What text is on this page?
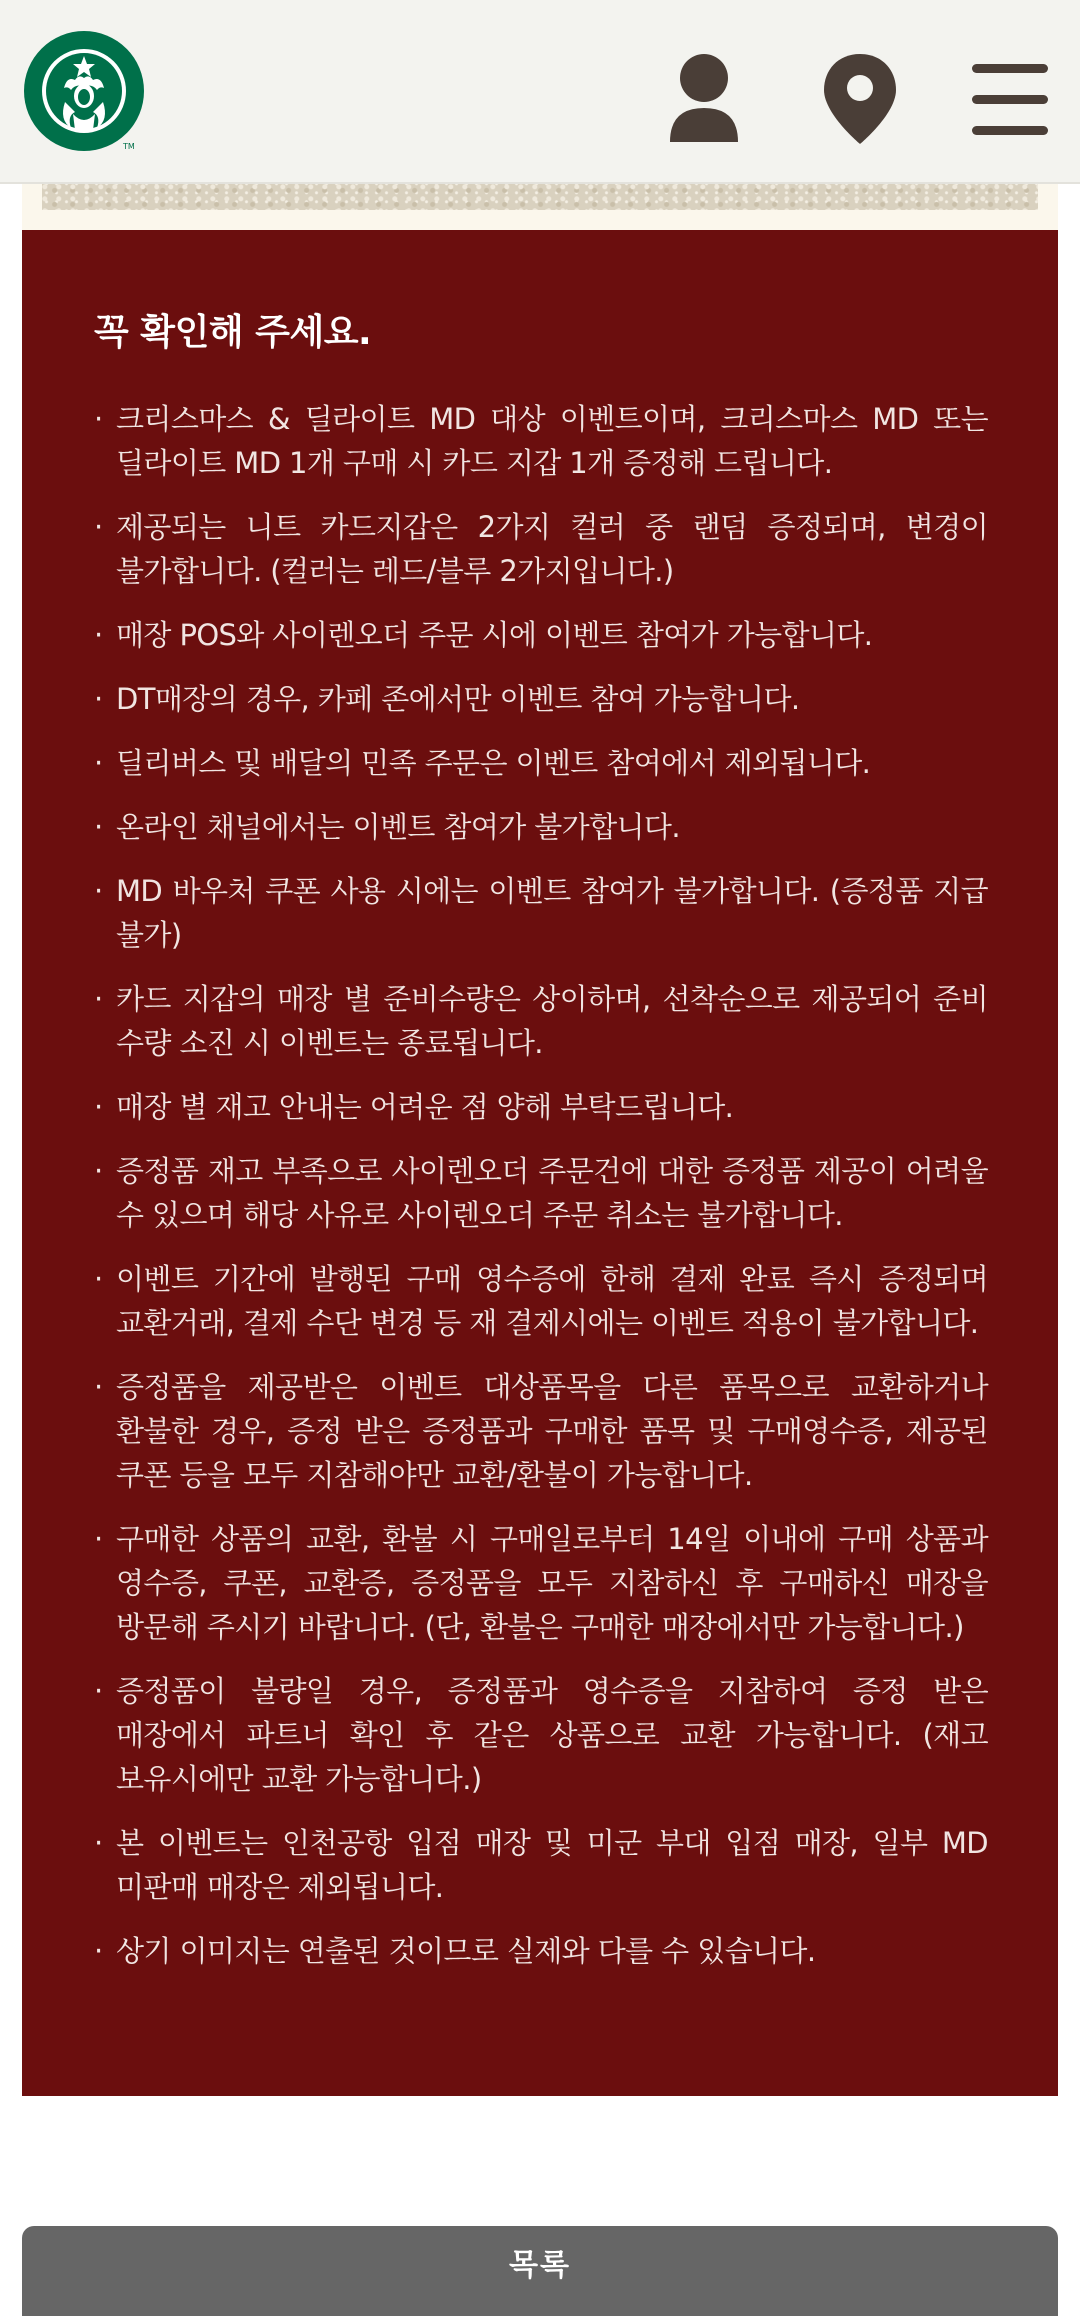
TM
꼭 확인해 주세요.
· 크리스마스 & 딜라이트 MD 대상 이벤트이며, 크리스마스 MD 또는 딜라이트 MD 1개 구매 시 카드 지갑 1개 증정해 드립니다.
· 제공되는 니트 카드지갑은 2가지 컬러 중 랜덤 증정되며, 변경이 불가합니다. (컬러는 레드/블루 2가지입니다.)
· 매장 POS와 사이렌오더 주문 시에 이벤트 참여가 가능합니다.
· DT매장의 경우, 카페 존에서만 이벤트 참여 가능합니다.
· 딜리버스 및 배달의 민족 주문은 이벤트 참여에서 제외됩니다.
· 온라인 채널에서는 이벤트 참여가 불가합니다.
· MD 바우처 쿠폰 사용 시에는 이벤트 참여가 불가합니다. (증정품 지급 불가)
· 카드 지갑의 매장 별 준비수량은 상이하며, 선착순으로 제공되어 준비 수량 소진 시 이벤트는 종료됩니다.
· 매장 별 재고 안내는 어려운 점 양해 부탁드립니다.
· 증정품 재고 부족으로 사이렌오더 주문건에 대한 증정품 제공이 어려울 수 있으며 해당 사유로 사이렌오더 주문 취소는 불가합니다.
· 이벤트 기간에 발행된 구매 영수증에 한해 결제 완료 즉시 증정되며 교환거래, 결제 수단 변경 등 재 결제시에는 이벤트 적용이 불가합니다.
· 증정품을 제공받은 이벤트 대상품목을 다른 품목으로 교환하거나 환불한 경우, 증정 받은 증정품과 구매한 품목 및 구매영수증, 제공된 쿠폰 등을 모두 지참해야만 교환/환불이 가능합니다.
· 구매한 상품의 교환, 환불 시 구매일로부터 14일 이내에 구매 상품과 영수증, 쿠폰, 교환증, 증정품을 모두 지참하신 후 구매하신 매장을 방문해 주시기 바랍니다. (단, 환불은 구매한 매장에서만 가능합니다.)
· 증정품이 불량일 경우, 증정품과 영수증을 지참하여 증정 받은 매장에서 파트너 확인 후 같은 상품으로 교환 가능합니다. (재고 보유시에만 교환 가능합니다.)
· 본 이벤트는 인천공항 입점 매장 및 미군 부대 입점 매장, 일부 MD 미판매 매장은 제외됩니다.
· 상기 이미지는 연출된 것이므로 실제와 다를 수 있습니다.
목록
